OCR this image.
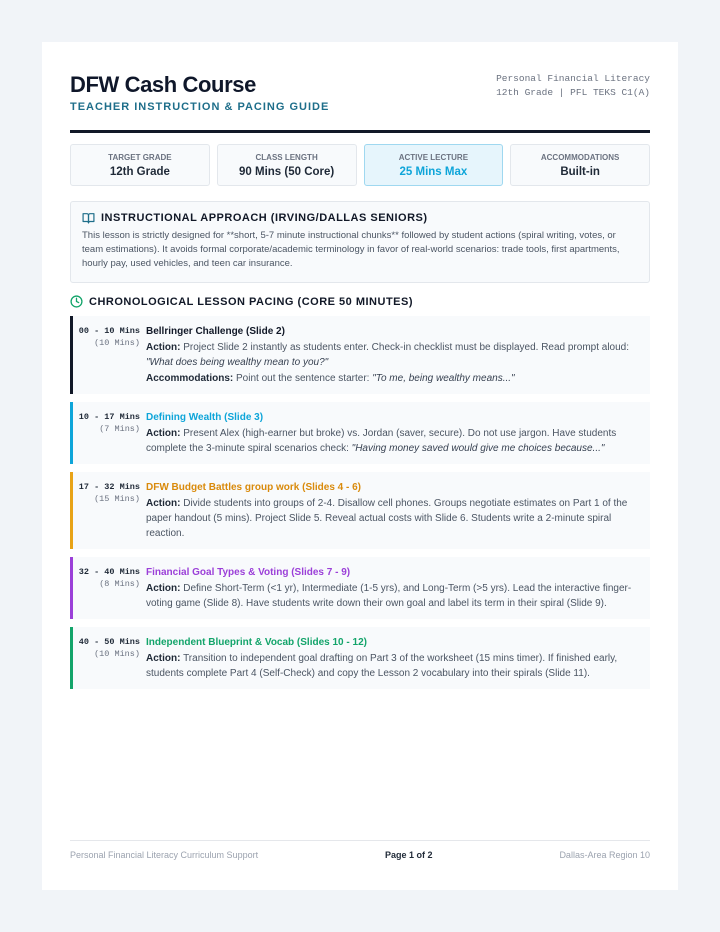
DFW Cash Course
TEACHER INSTRUCTION & PACING GUIDE
Personal Financial Literacy
12th Grade | PFL TEKS C1(A)
TARGET GRADE
12th Grade
CLASS LENGTH
90 Mins (50 Core)
ACTIVE LECTURE
25 Mins Max
ACCOMMODATIONS
Built-in
INSTRUCTIONAL APPROACH (IRVING/DALLAS SENIORS)
This lesson is strictly designed for **short, 5-7 minute instructional chunks** followed by student actions (spiral writing, votes, or team estimations). It avoids formal corporate/academic terminology in favor of real-world scenarios: trade tools, first apartments, hourly pay, used vehicles, and teen car insurance.
CHRONOLOGICAL LESSON PACING (CORE 50 MINUTES)
00 - 10 Mins
(10 Mins)
Bellringer Challenge (Slide 2)
Action: Project Slide 2 instantly as students enter. Check-in checklist must be displayed. Read prompt aloud: "What does being wealthy mean to you?"
Accommodations: Point out the sentence starter: "To me, being wealthy means..."
10 - 17 Mins
(7 Mins)
Defining Wealth (Slide 3)
Action: Present Alex (high-earner but broke) vs. Jordan (saver, secure). Do not use jargon. Have students complete the 3-minute spiral scenarios check: "Having money saved would give me choices because..."
17 - 32 Mins
(15 Mins)
DFW Budget Battles group work (Slides 4 - 6)
Action: Divide students into groups of 2-4. Disallow cell phones. Groups negotiate estimates on Part 1 of the paper handout (5 mins). Project Slide 5. Reveal actual costs with Slide 6. Students write a 2-minute spiral reaction.
32 - 40 Mins
(8 Mins)
Financial Goal Types & Voting (Slides 7 - 9)
Action: Define Short-Term (<1 yr), Intermediate (1-5 yrs), and Long-Term (>5 yrs). Lead the interactive finger-voting game (Slide 8). Have students write down their own goal and label its term in their spiral (Slide 9).
40 - 50 Mins
(10 Mins)
Independent Blueprint & Vocab (Slides 10 - 12)
Action: Transition to independent goal drafting on Part 3 of the worksheet (15 mins timer). If finished early, students complete Part 4 (Self-Check) and copy the Lesson 2 vocabulary into their spirals (Slide 11).
Personal Financial Literacy Curriculum Support	Page 1 of 2	Dallas-Area Region 10
